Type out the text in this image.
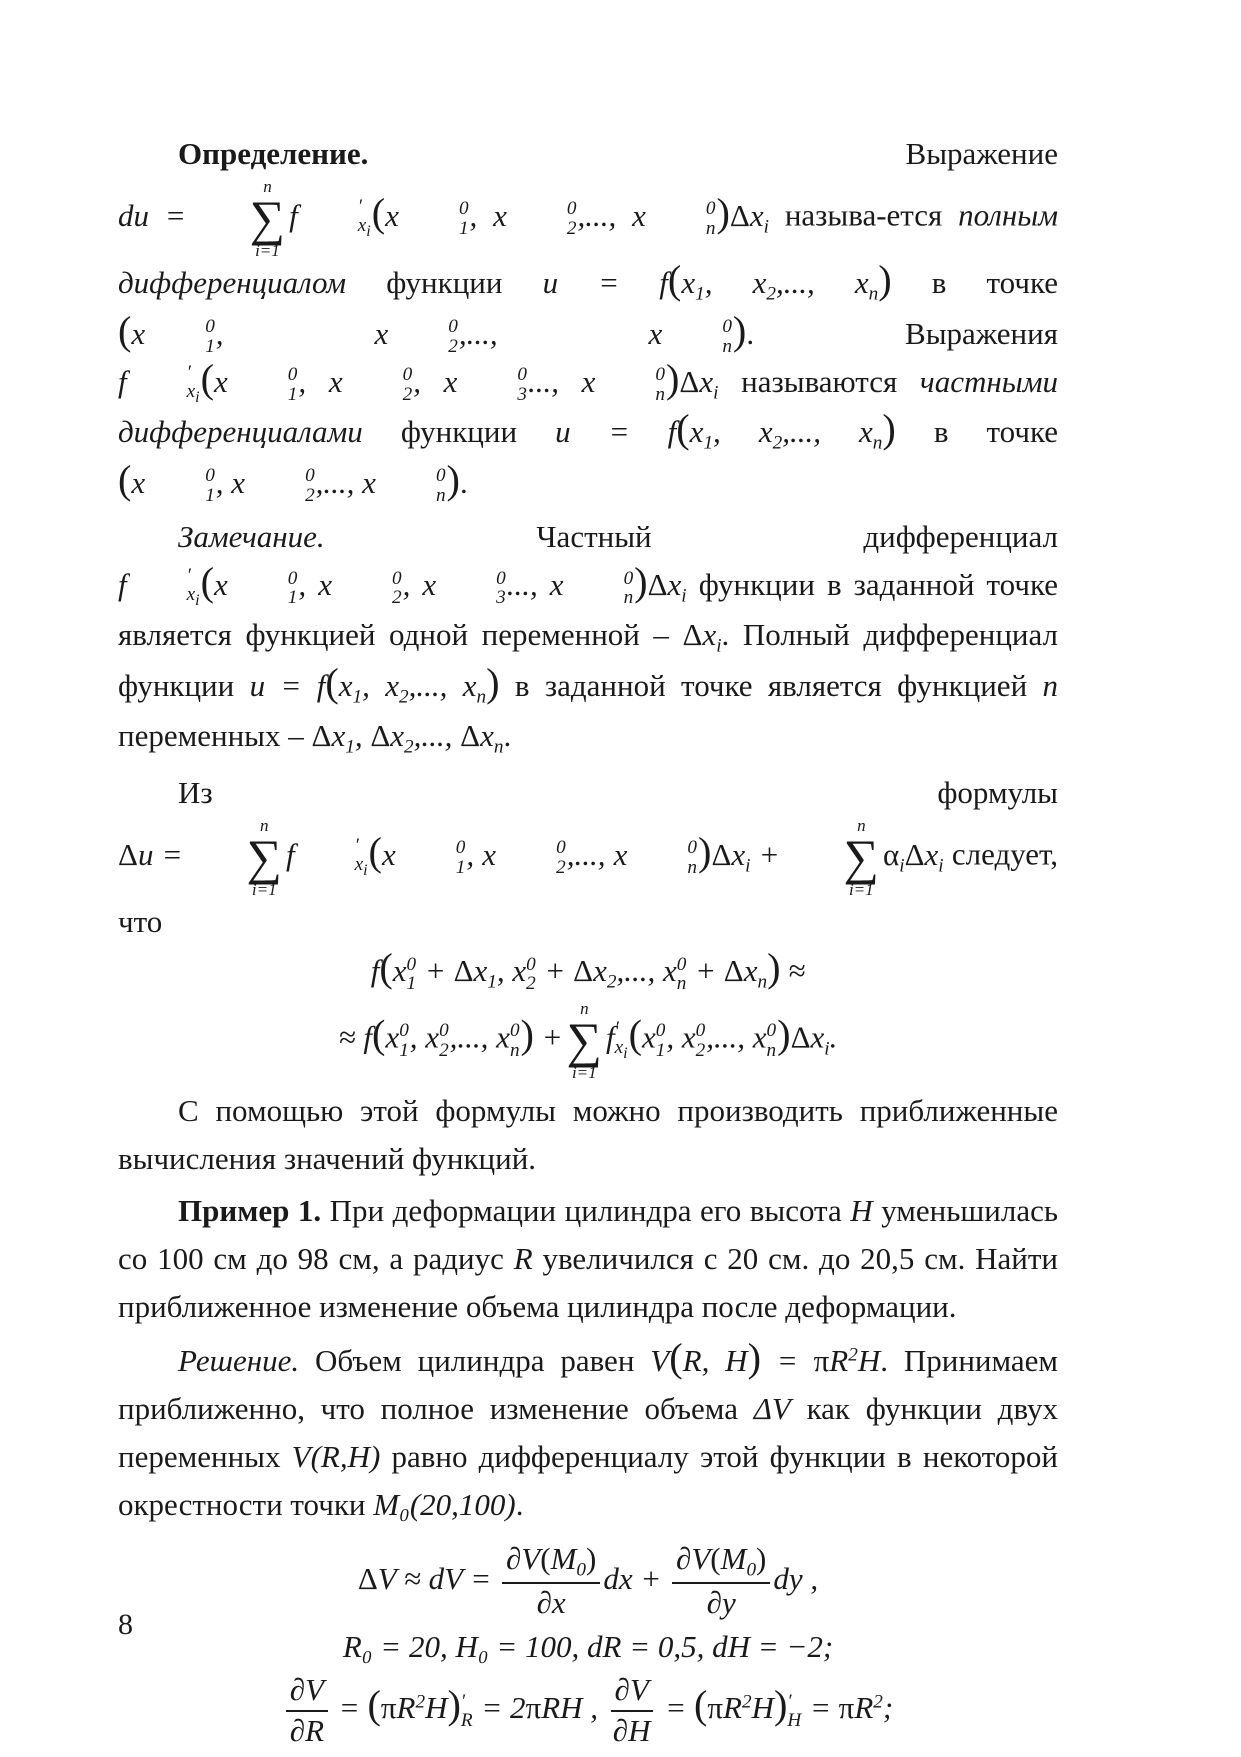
Определение.	Выражение du =
n
∑
i=1
f	′
$x_i$ (x	0
1 , x	0
2 ,..., x	0
n )$\Delta x_i$ называ-ется полным дифференциалом функции $u = f(x_1$, $x_2$,..., $x_n$) в точке (x	0
1 , x	0
2 ,..., x	0
n ). Выражения f	′
$x_i$ (x	0
1 , x	0
2 , x	0
3 ..., x	0
n )$\Delta x_i$ называются частными дифференциалами функции $u = f(x_1$, $x_2$,..., $x_n$) в точке (x	0
1 , x	0
2 ,..., x	0
n ).

Замечание.	Частный дифференциал f	′
$x_i$ (x	0
1 , x	0
2 , x	0
3 ..., x	0
n )$\Delta x_i$ функции в заданной точке является функцией одной переменной – $\Delta x_i$. Полный дифференциал функции $u = f(x_1$, $x_2$,..., $x_n$) в заданной точке является функцией n переменных – $\Delta x_1$, $\Delta x_2$,..., $\Delta x_n$.

Из формулы Δu =
n
∑
i=1
f	′
$x_i$ (x	0
1 , x	0
2 ,..., x	0
n )$\Delta x_i$ +
n
∑
i=1
$\alpha_i\Delta x_i$ следует, что

f(x 0
$1 + \Delta x_1$, x 0
$2 + \Delta x_2$,..., x 0
$n + \Delta x_n$) ≈
≈ f(x 0
1 , x 0
2 ,..., x 0
n ) +
n
∑
i=1
f ′
$x_i$ (x 0
1 , x 0
2 ,..., x 0
n )$\Delta x_i$.

С помощью этой формулы можно производить приближенные вычисления значений функций.

Пример 1. При деформации цилиндра его высота H уменьшилась со 100 см до 98 см, а радиус R увеличился с 20 см. до 20,5 см. Найти приближенное изменение объема цилиндра после деформации.

Решение. Объем цилиндра равен V(R, $H) = \pi R^2H$. Принимаем приближенно, что полное изменение объема ΔV как функции двух переменных V(R,H) равно дифференциалу этой функции в некоторой окрестности точки M₀(20,100).

ΔV ≈ dV = $\frac{\partial V(M_0)}{\partial x}$ dx + $\frac{\partial V(M_0)}{\partial y}$ dy ,
R₀ = 20, H₀ = 100, dR = 0,5, dH = −2;
$\frac{\partial V}{\partial R} = (\pi R^2H)$ ′
R = 2πRH , $\frac{\partial V}{\partial H} = (\pi R^2H)$ ′
$H = \pi R^2$;
8
